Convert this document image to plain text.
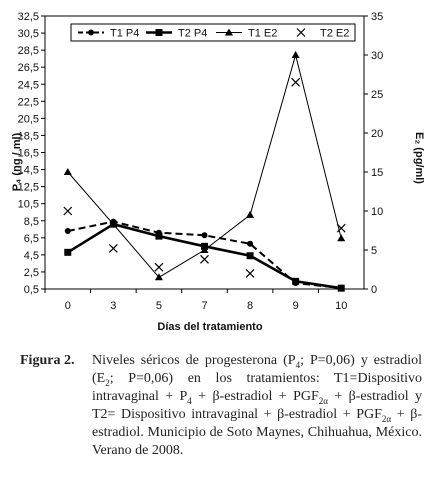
32,5
30,5
28,5
26,5
24,5
22,5
20,5
18,5
16,5
14,5
12,5
10,5
8,5
6,5
4,5
2,5
0,5
35
30
25
20
15
10
5
0
0	3	5	7	8	9	10
T1 P4	T2 P4	T1 E2	T2 E2
P₄ (ng / ml)	E₂ (pg/ml)
Días del tratamiento
Figura 2. Niveles séricos de progesterona ($P_4$; P=0,06) y estradiol ($E_2$; P=0,06) en los tratamientos: T1=Dispositivo intravaginal + $P_4$ + β-estradiol + $PGF_{2\alpha}$ + β-estradiol y T2= Dispositivo intravaginal + β-estradiol + $PGF_{2\alpha}$ + β-estradiol. Municipio de Soto Maynes, Chihuahua, México. Verano de 2008.
